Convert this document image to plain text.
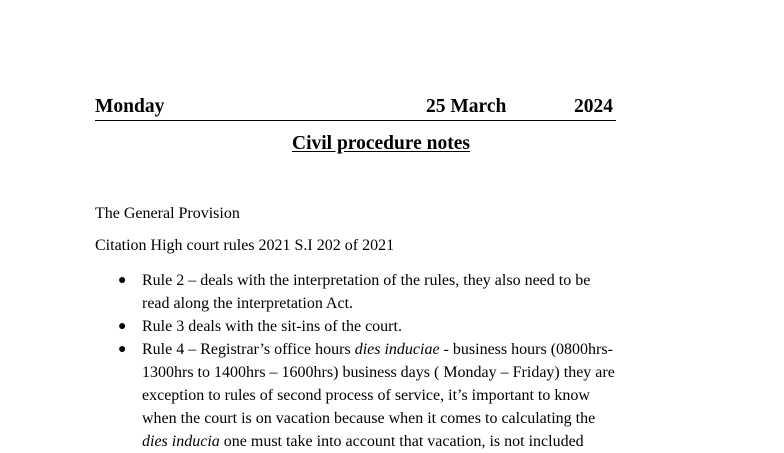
Monday	25 March	2024
Civil procedure notes
The General Provision
Citation High court rules 2021 S.I 202 of 2021
● Rule 2 – deals with the interpretation of the rules, they also need to be
read along the interpretation Act.
● Rule 3 deals with the sit-ins of the court.
● Rule 4 – Registrar’s office hours dies induciae - business hours (0800hrs-
1300hrs to 1400hrs – 1600hrs) business days ( Monday – Friday) they are
exception to rules of second process of service, it’s important to know
when the court is on vacation because when it comes to calculating the
dies inducia one must take into account that vacation, is not included
